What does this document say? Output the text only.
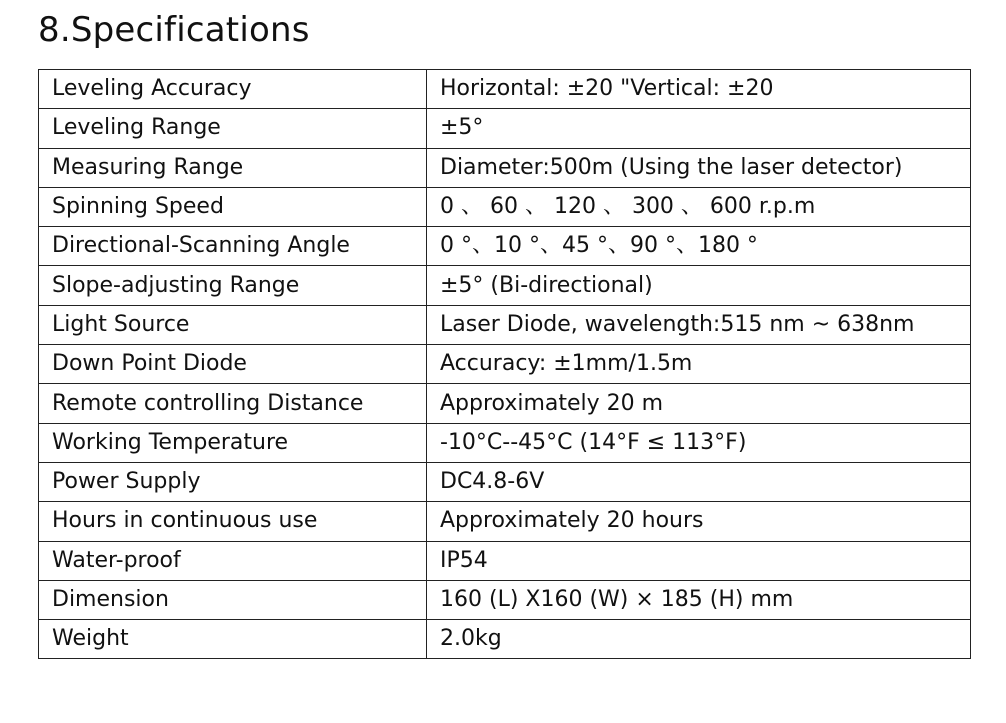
8.Specifications
Leveling Accuracy	Horizontal: ±20 "Vertical: ±20
Leveling Range	±5°
Measuring Range	Diameter:500m (Using the laser detector)
Spinning Speed	0 、 60 、 120 、 300 、 600 r.p.m
Directional-Scanning Angle	0 °、10 °、45 °、90 °、180 °
Slope-adjusting Range	±5° (Bi-directional)
Light Source	Laser Diode, wavelength:515 nm ~ 638nm
Down Point Diode	Accuracy: ±1mm/1.5m
Remote controlling Distance	Approximately 20 m
Working Temperature	-10°C--45°C (14°F ≤ 113°F)
Power Supply	DC4.8-6V
Hours in continuous use	Approximately 20 hours
Water-proof	IP54
Dimension	160 (L) X160 (W) × 185 (H) mm
Weight	2.0kg
